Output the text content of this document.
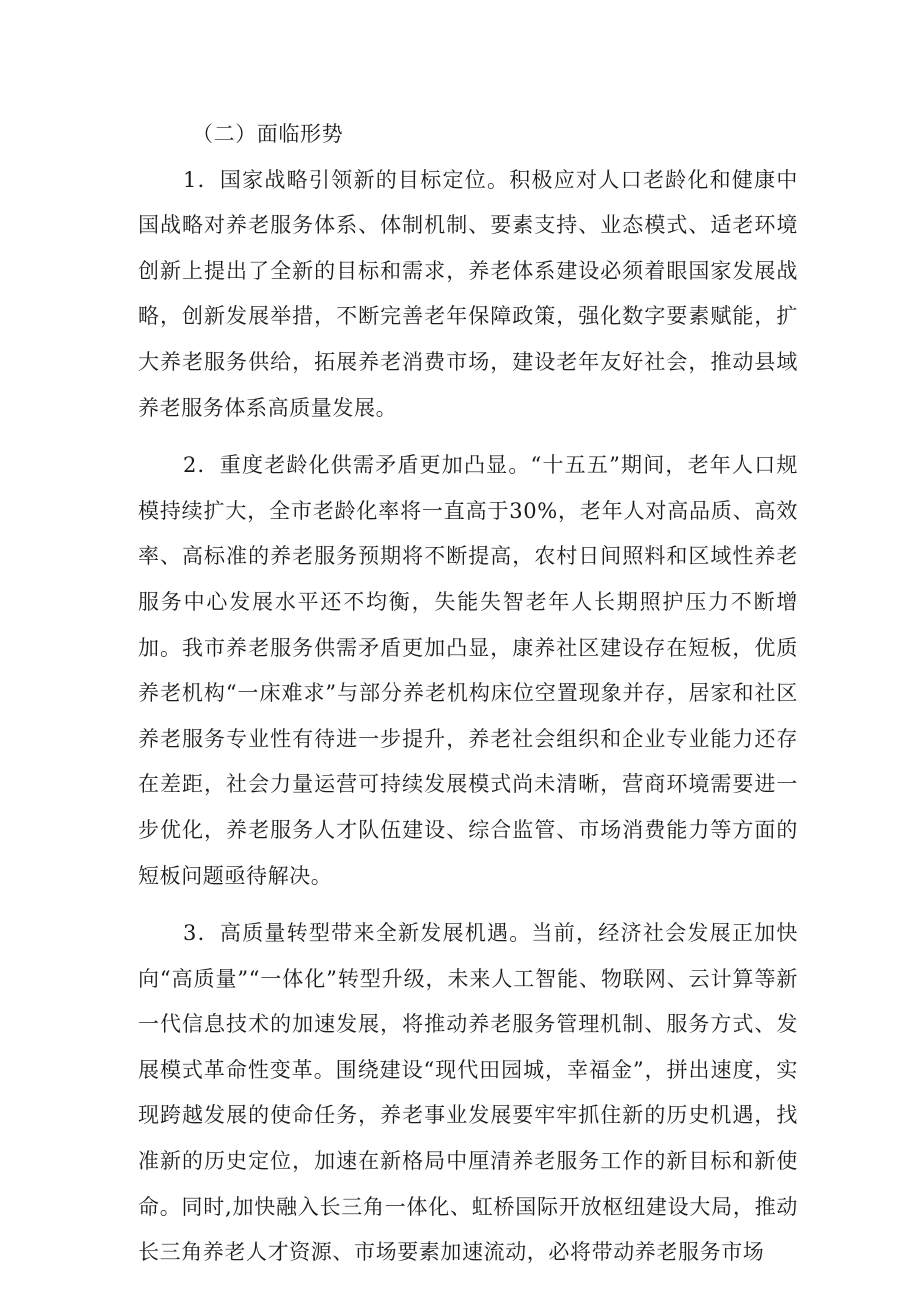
（二）面临形势

1．国家战略引领新的目标定位。积极应对人口老龄化和健康中国战略对养老服务体系、体制机制、要素支持、业态模式、适老环境创新上提出了全新的目标和需求，养老体系建设必须着眼国家发展战略，创新发展举措，不断完善老年保障政策，强化数字要素赋能，扩大养老服务供给，拓展养老消费市场，建设老年友好社会，推动县域养老服务体系高质量发展。

2．重度老龄化供需矛盾更加凸显。“十五五”期间，老年人口规模持续扩大，全市老龄化率将一直高于30%，老年人对高品质、高效率、高标准的养老服务预期将不断提高，农村日间照料和区域性养老服务中心发展水平还不均衡，失能失智老年人长期照护压力不断增加。我市养老服务供需矛盾更加凸显，康养社区建设存在短板，优质养老机构“一床难求”与部分养老机构床位空置现象并存，居家和社区养老服务专业性有待进一步提升，养老社会组织和企业专业能力还存在差距，社会力量运营可持续发展模式尚未清晰，营商环境需要进一步优化，养老服务人才队伍建设、综合监管、市场消费能力等方面的短板问题亟待解决。

3．高质量转型带来全新发展机遇。当前，经济社会发展正加快向“高质量”“一体化”转型升级，未来人工智能、物联网、云计算等新一代信息技术的加速发展，将推动养老服务管理机制、服务方式、发展模式革命性变革。围绕建设“现代田园城，幸福金”，拼出速度，实现跨越发展的使命任务，养老事业发展要牢牢抓住新的历史机遇，找准新的历史定位，加速在新格局中厘清养老服务工作的新目标和新使命。同时,加快融入长三角一体化、虹桥国际开放枢纽建设大局，推动长三角养老人才资源、市场要素加速流动，必将带动养老服务市场
